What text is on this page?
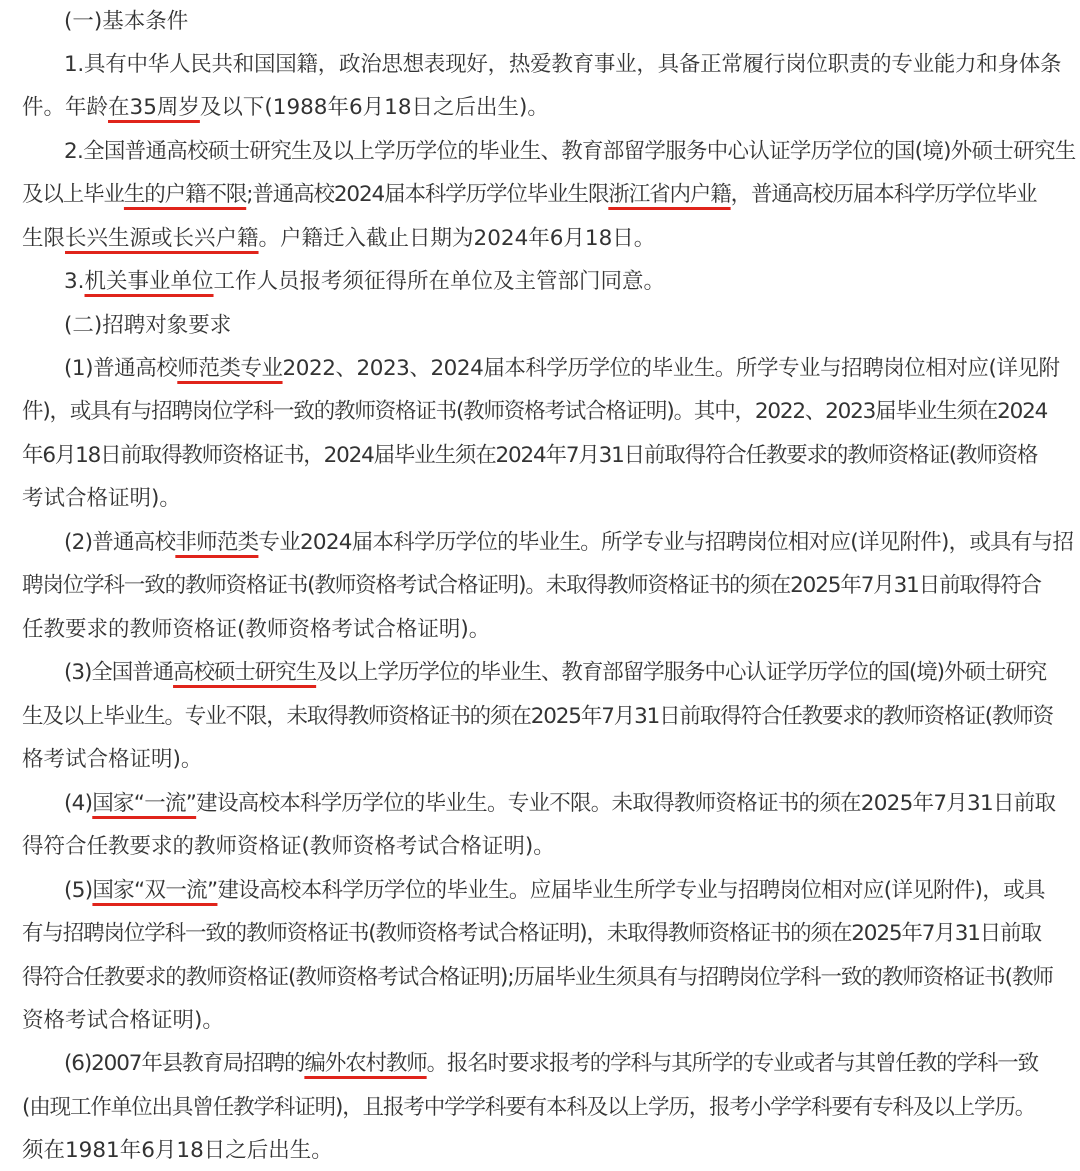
(一)基本条件
1.具有中华人民共和国国籍，政治思想表现好，热爱教育事业，具备正常履行岗位职责的专业能力和身体条
件。年龄在35周岁及以下(1988年6月18日之后出生)。
2.全国普通高校硕士研究生及以上学历学位的毕业生、教育部留学服务中心认证学历学位的国(境)外硕士研究生
及以上毕业生的户籍不限;普通高校2024届本科学历学位毕业生限浙江省内户籍，普通高校历届本科学历学位毕业
生限长兴生源或长兴户籍。户籍迁入截止日期为2024年6月18日。
3.机关事业单位工作人员报考须征得所在单位及主管部门同意。
(二)招聘对象要求
(1)普通高校师范类专业2022、2023、2024届本科学历学位的毕业生。所学专业与招聘岗位相对应(详见附
件)，或具有与招聘岗位学科一致的教师资格证书(教师资格考试合格证明)。其中，2022、2023届毕业生须在2024
年6月18日前取得教师资格证书，2024届毕业生须在2024年7月31日前取得符合任教要求的教师资格证(教师资格
考试合格证明)。
(2)普通高校非师范类专业2024届本科学历学位的毕业生。所学专业与招聘岗位相对应(详见附件)，或具有与招
聘岗位学科一致的教师资格证书(教师资格考试合格证明)。未取得教师资格证书的须在2025年7月31日前取得符合
任教要求的教师资格证(教师资格考试合格证明)。
(3)全国普通高校硕士研究生及以上学历学位的毕业生、教育部留学服务中心认证学历学位的国(境)外硕士研究
生及以上毕业生。专业不限，未取得教师资格证书的须在2025年7月31日前取得符合任教要求的教师资格证(教师资
格考试合格证明)。
(4)国家“一流”建设高校本科学历学位的毕业生。专业不限。未取得教师资格证书的须在2025年7月31日前取
得符合任教要求的教师资格证(教师资格考试合格证明)。
(5)国家“双一流”建设高校本科学历学位的毕业生。应届毕业生所学专业与招聘岗位相对应(详见附件)，或具
有与招聘岗位学科一致的教师资格证书(教师资格考试合格证明)，未取得教师资格证书的须在2025年7月31日前取
得符合任教要求的教师资格证(教师资格考试合格证明);历届毕业生须具有与招聘岗位学科一致的教师资格证书(教师
资格考试合格证明)。
(6)2007年县教育局招聘的编外农村教师。报名时要求报考的学科与其所学的专业或者与其曾任教的学科一致
(由现工作单位出具曾任教学科证明)，且报考中学学科要有本科及以上学历，报考小学学科要有专科及以上学历。
须在1981年6月18日之后出生。
